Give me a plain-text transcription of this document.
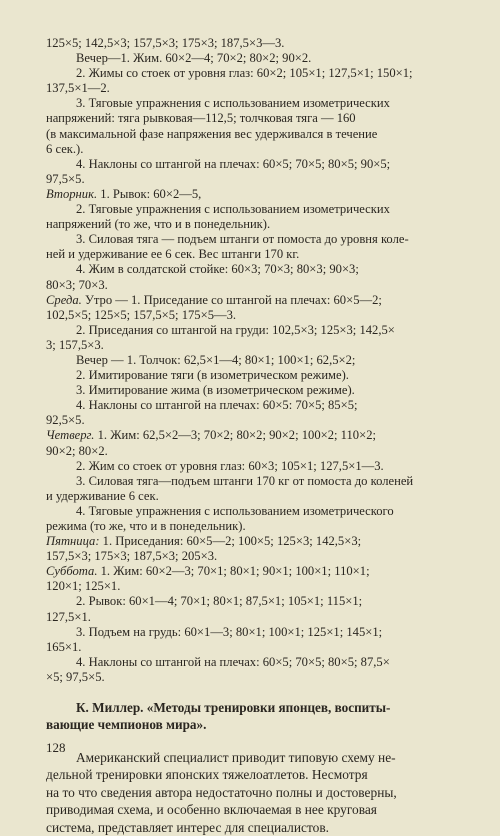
125×5; 142,5×3; 157,5×3; 175×3; 187,5×3—3.
Вечер—1. Жим. 60×2—4; 70×2; 80×2; 90×2.
2. Жимы со стоек от уровня глаз: 60×2; 105×1; 127,5×1; 150×1;
137,5×1—2.
3. Тяговые упражнения с использованием изометрических
напряжений: тяга рывковая—112,5; толчковая тяга — 160
(в максимальной фазе напряжения вес удерживался в течение
6 сек.).
4. Наклоны со штангой на плечах: 60×5; 70×5; 80×5; 90×5;
97,5×5.
Вторник. 1. Рывок: 60×2—5,
2. Тяговые упражнения с использованием изометрических
напряжений (то же, что и в понедельник).
3. Силовая тяга — подъем штанги от помоста до уровня коле-
ней и удерживание ее 6 сек. Вес штанги 170 кг.
4. Жим в солдатской стойке: 60×3; 70×3; 80×3; 90×3;
80×3; 70×3.
Среда. Утро — 1. Приседание со штангой на плечах: 60×5—2;
102,5×5; 125×5; 157,5×5; 175×5—3.
2. Приседания со штангой на груди: 102,5×3; 125×3; 142,5×
3; 157,5×3.
Вечер — 1. Толчок: 62,5×1—4; 80×1; 100×1; 62,5×2;
2. Имитирование тяги (в изометрическом режиме).
3. Имитирование жима (в изометрическом режиме).
4. Наклоны со штангой на плечах: 60×5: 70×5; 85×5;
92,5×5.
Четверг. 1. Жим: 62,5×2—3; 70×2; 80×2; 90×2; 100×2; 110×2;
90×2; 80×2.
2. Жим со стоек от уровня глаз: 60×3; 105×1; 127,5×1—3.
3. Силовая тяга—подъем штанги 170 кг от помоста до коленей
и удерживание 6 сек.
4. Тяговые упражнения с использованием изометрического
режима (то же, что и в понедельник).
Пятница: 1. Приседания: 60×5—2; 100×5; 125×3; 142,5×3;
157,5×3; 175×3; 187,5×3; 205×3.
Суббота. 1. Жим: 60×2—3; 70×1; 80×1; 90×1; 100×1; 110×1;
120×1; 125×1.
2. Рывок: 60×1—4; 70×1; 80×1; 87,5×1; 105×1; 115×1;
127,5×1.
3. Подъем на грудь: 60×1—3; 80×1; 100×1; 125×1; 145×1;
165×1.
4. Наклоны со штангой на плечах: 60×5; 70×5; 80×5; 87,5×
×5; 97,5×5.
К. Миллер. «Методы тренировки японцев, воспиты-
вающие чемпионов мира».
Американский специалист приводит типовую схему не-
дельной тренировки японских тяжелоатлетов. Несмотря
на то что сведения автора недостаточно полны и достоверны,
приводимая схема, и особенно включаемая в нее круговая
система, представляет интерес для специалистов.
128
